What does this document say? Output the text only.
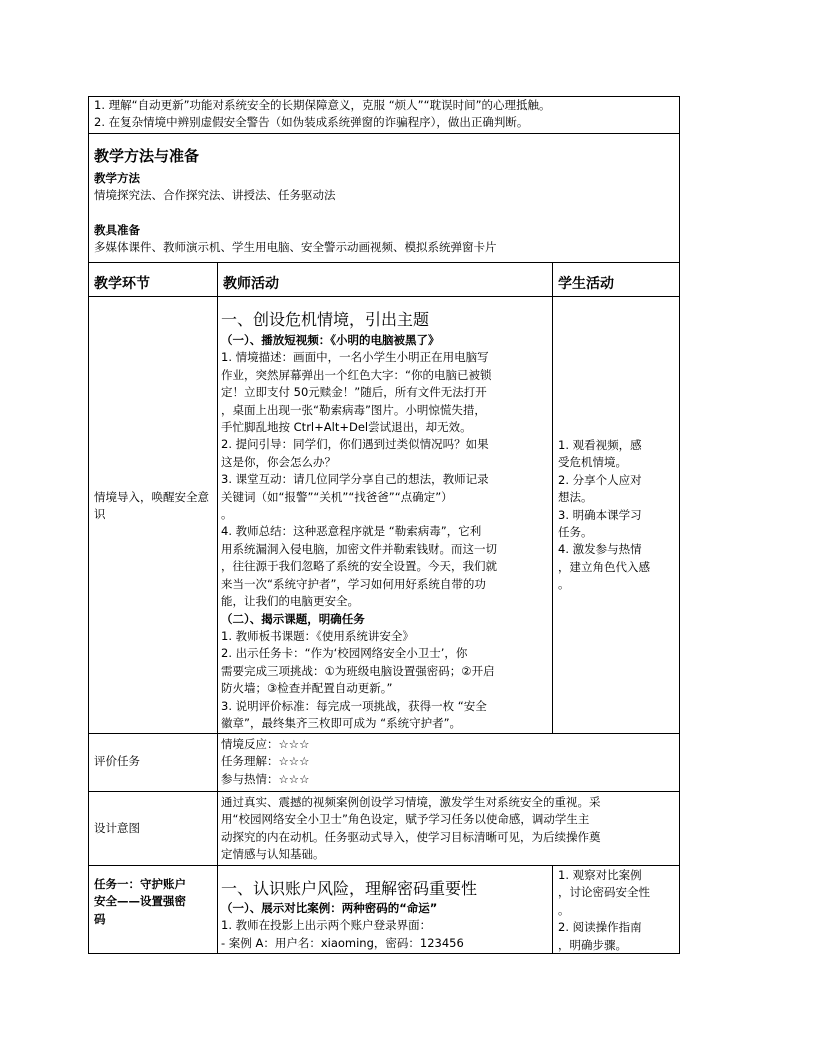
1. 理解“自动更新”功能对系统安全的长期保障意义，克服 “烦人”“耽误时间”的心理抵触。

2. 在复杂情境中辨别虚假安全警告（如伪装成系统弹窗的诈骗程序），做出正确判断。

教学方法与准备

教学方法

情境探究法、合作探究法、讲授法、任务驱动法

教具准备

多媒体课件、教师演示机、学生用电脑、安全警示动画视频、模拟系统弹窗卡片

教学环节	教师活动	学生活动

情境导入，唤醒安全意识

一、创设危机情境，引出主题

（一）、播放短视频：《小明的电脑被黑了》

1. 情境描述：画面中，一名小学生小明正在用电脑写

作业，突然屏幕弹出一个红色大字：“你的电脑已被锁

定！立即支付 50元赎金！”随后，所有文件无法打开

，桌面上出现一张“勒索病毒”图片。小明惊慌失措，

手忙脚乱地按 Ctrl+Alt+Del尝试退出，却无效。

2. 提问引导：同学们，你们遇到过类似情况吗？如果

这是你，你会怎么办？

3. 课堂互动：请几位同学分享自己的想法，教师记录

关键词（如“报警”“关机”“找爸爸”“点确定”）

。

4. 教师总结：这种恶意程序就是 “勒索病毒”，它利

用系统漏洞入侵电脑，加密文件并勒索钱财。而这一切

，往往源于我们忽略了系统的安全设置。今天，我们就

来当一次“系统守护者”，学习如何用好系统自带的功

能，让我们的电脑更安全。

（二）、揭示课题，明确任务

1. 教师板书课题：《使用系统讲安全》

2. 出示任务卡：“作为‘校园网络安全小卫士’，你

需要完成三项挑战：①为班级电脑设置强密码；②开启

防火墙；③检查并配置自动更新。”

3. 说明评价标准：每完成一项挑战，获得一枚 “安全

徽章”，最终集齐三枚即可成为 “系统守护者”。

1. 观看视频，感

受危机情境。

2. 分享个人应对

想法。

3. 明确本课学习

任务。

4. 激发参与热情

，建立角色代入感

。

评价任务

情境反应：☆☆☆

任务理解：☆☆☆

参与热情：☆☆☆

设计意图

通过真实、震撼的视频案例创设学习情境，激发学生对系统安全的重视。采

用“校园网络安全小卫士”角色设定，赋予学习任务以使命感，调动学生主

动探究的内在动机。任务驱动式导入，使学习目标清晰可见，为后续操作奠

定情感与认知基础。

任务一：守护账户

安全——设置强密

码

一、认识账户风险，理解密码重要性

（一）、展示对比案例：两种密码的“命运”

1. 教师在投影上出示两个账户登录界面：

- 案例 A：用户名：xiaoming，密码：123456

1. 观察对比案例

，讨论密码安全性

。

2. 阅读操作指南

，明确步骤。
